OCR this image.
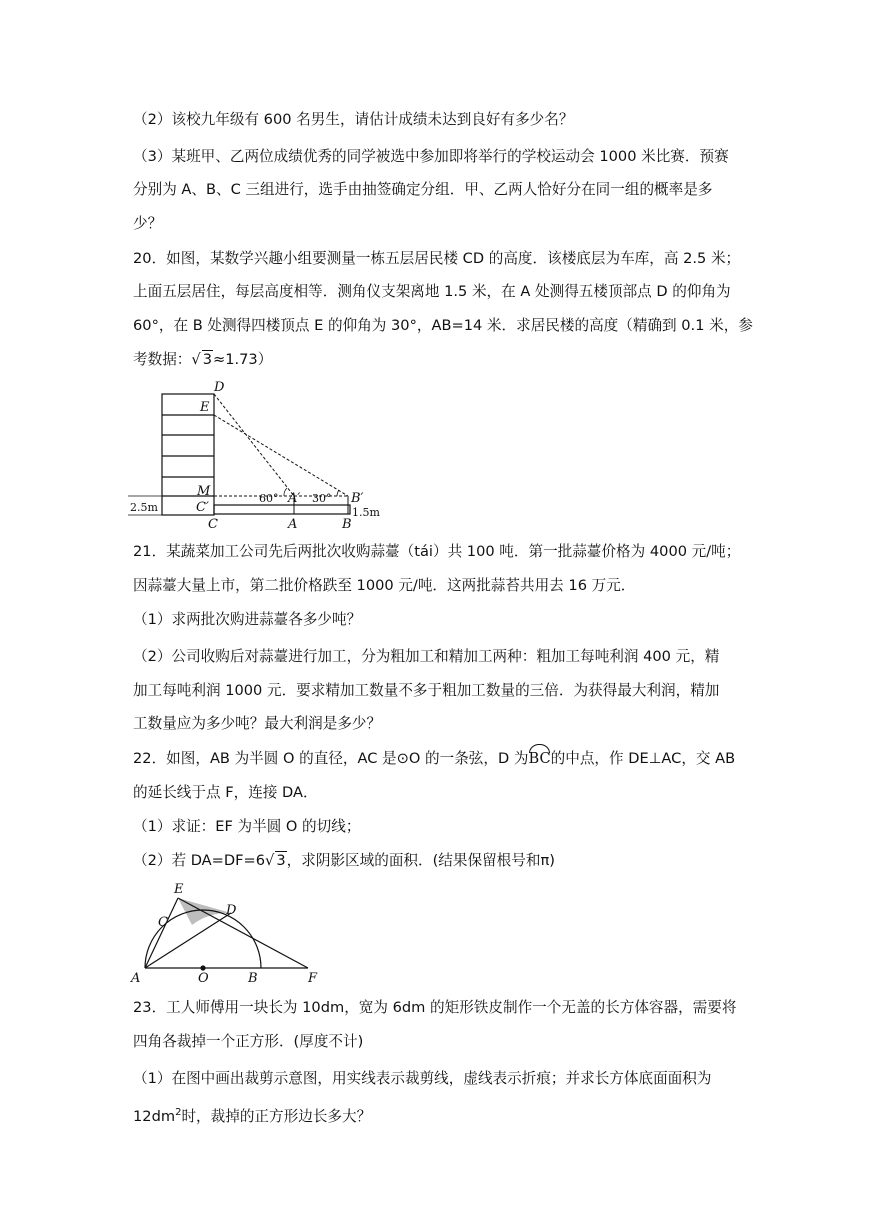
（2）该校九年级有 600 名男生，请估计成绩未达到良好有多少名？
（3）某班甲、乙两位成绩优秀的同学被选中参加即将举行的学校运动会 1000 米比赛．预赛
分别为 A、B、C 三组进行，选手由抽签确定分组．甲、乙两人恰好分在同一组的概率是多
少？
20．如图，某数学兴趣小组要测量一栋五层居民楼 CD 的高度．该楼底层为车库，高 2.5 米；
上面五层居住，每层高度相等．测角仪支架离地 1.5 米，在 A 处测得五楼顶部点 D 的仰角为
60°，在 B 处测得四楼顶点 E 的仰角为 30°，AB=14 米．求居民楼的高度（精确到 0.1 米，参
考数据：√ 3≈1.73）
D
E
M
C′
C	A	B
A′	B′
60°	30°
2.5m	1.5m
21．某蔬菜加工公司先后两批次收购蒜薹（tái）共 100 吨．第一批蒜薹价格为 4000 元/吨；
因蒜薹大量上市，第二批价格跌至 1000 元/吨．这两批蒜苔共用去 16 万元．
（1）求两批次购进蒜薹各多少吨？
（2）公司收购后对蒜薹进行加工，分为粗加工和精加工两种：粗加工每吨利润 400 元，精
加工每吨利润 1000 元．要求精加工数量不多于粗加工数量的三倍．为获得最大利润，精加
工数量应为多少吨？最大利润是多少？
22．如图，AB 为半圆 O 的直径，AC 是⊙O 的一条弦，D 为BC的中点，作 DE⊥AC，交 AB
的延长线于点 F，连接 DA．
（1）求证：EF 为半圆 O 的切线；
（2）若 DA=DF=6√ 3，求阴影区域的面积．(结果保留根号和π)
E
C
D
A	O	B	F
23．工人师傅用一块长为 10dm，宽为 6dm 的矩形铁皮制作一个无盖的长方体容器，需要将
四角各裁掉一个正方形．(厚度不计)
（1）在图中画出裁剪示意图，用实线表示裁剪线，虚线表示折痕；并求长方体底面面积为
$12dm^2$时，裁掉的正方形边长多大？
